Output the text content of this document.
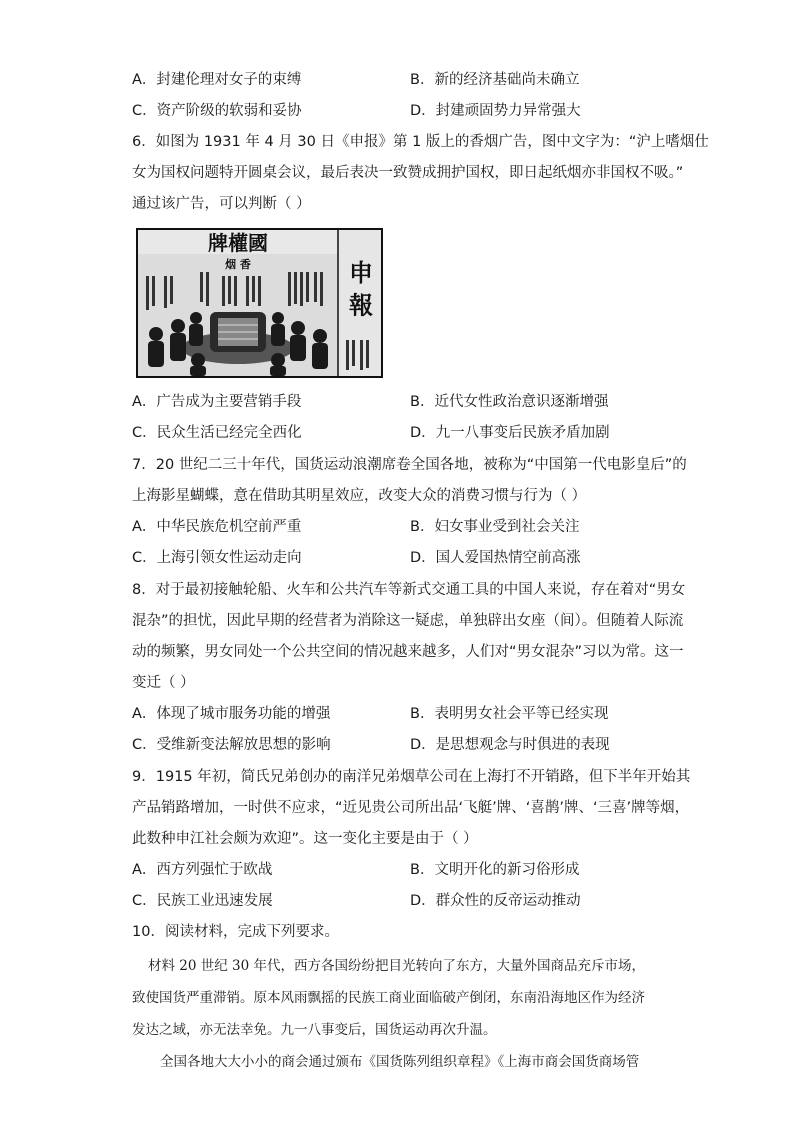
A．封建伦理对女子的束缚	B．新的经济基础尚未确立
C．资产阶级的软弱和妥协	D．封建顽固势力异常强大
6．如图为 1931 年 4 月 30 日《申报》第 1 版上的香烟广告，图中文字为：“沪上嗜烟仕
女为国权问题特开圆桌会议，最后表决一致赞成拥护国权，即日起纸烟亦非国权不吸。”
通过该广告，可以判断（ ）
牌權國
烟 香	申 報
A．广告成为主要营销手段	B．近代女性政治意识逐渐增强
C．民众生活已经完全西化	D．九一八事变后民族矛盾加剧
7．20 世纪二三十年代，国货运动浪潮席卷全国各地，被称为“中国第一代电影皇后”的
上海影星蝴蝶，意在借助其明星效应，改变大众的消费习惯与行为（ ）
A．中华民族危机空前严重	B．妇女事业受到社会关注
C．上海引领女性运动走向	D．国人爱国热情空前高涨
8．对于最初接触轮船、火车和公共汽车等新式交通工具的中国人来说，存在着对“男女
混杂”的担忧，因此早期的经营者为消除这一疑虑，单独辟出女座（间）。但随着人际流
动的频繁，男女同处一个公共空间的情况越来越多，人们对“男女混杂”习以为常。这一
变迁（ ）
A．体现了城市服务功能的增强	B．表明男女社会平等已经实现
C．受维新变法解放思想的影响	D．是思想观念与时俱进的表现
9．1915 年初，简氏兄弟创办的南洋兄弟烟草公司在上海打不开销路，但下半年开始其
产品销路增加，一时供不应求，“近见贵公司所出品‘飞艇’牌、‘喜鹊’牌、‘三喜’牌等烟，
此数种申江社会颇为欢迎”。这一变化主要是由于（ ）
A．西方列强忙于欧战	B．文明开化的新习俗形成
C．民族工业迅速发展	D．群众性的反帝运动推动
10．阅读材料，完成下列要求。
材料 20 世纪 30 年代，西方各国纷纷把目光转向了东方，大量外国商品充斥市场，
致使国货严重滞销。原本风雨飘摇的民族工商业面临破产倒闭，东南沿海地区作为经济
发达之域，亦无法幸免。九一八事变后，国货运动再次升温。
全国各地大大小小的商会通过颁布《国货陈列组织章程》《上海市商会国货商场管
